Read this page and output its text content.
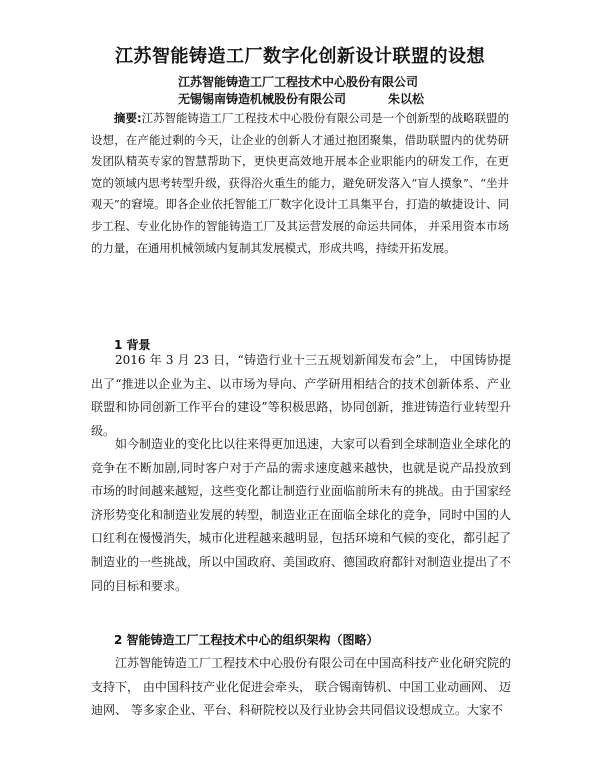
江苏智能铸造工厂数字化创新设计联盟的设想
江苏智能铸造工厂工程技术中心股份有限公司
无锡锡南铸造机械股份有限公司	朱以松
摘要:江苏智能铸造工厂工程技术中心股份有限公司是一个创新型的战略联盟的设想，在产能过剩的今天，让企业的创新人才通过抱团聚集，借助联盟内的优势研发团队精英专家的智慧帮助下，更快更高效地开展本企业职能内的研发工作，在更宽的领域内思考转型升级，获得浴火重生的能力，避免研发落入“盲人摸象”、“坐井观天”的窘境。即各企业依托智能工厂数字化设计工具集平台，打造的敏捷设计、同步工程、专业化协作的智能铸造工厂及其运营发展的命运共同体， 并采用资本市场的力量，在通用机械领域内复制其发展模式，形成共鸣，持续开拓发展。
1 背景
2016 年 3 月 23 日，“铸造行业十三五规划新闻发布会”上， 中国铸协提出了“推进以企业为主、以市场为导向、产学研用相结合的技术创新体系、产业联盟和协同创新工作平台的建设”等积极思路，协同创新，推进铸造行业转型升级。
如今制造业的变化比以往来得更加迅速，大家可以看到全球制造业全球化的竞争在不断加剧,同时客户对于产品的需求速度越来越快，也就是说产品投放到市场的时间越来越短，这些变化都让制造行业面临前所未有的挑战。由于国家经济形势变化和制造业发展的转型，制造业正在面临全球化的竞争，同时中国的人口红利在慢慢消失，城市化进程越来越明显，包括环境和气候的变化，都引起了制造业的一些挑战，所以中国政府、美国政府、德国政府都针对制造业提出了不同的目标和要求。
2 智能铸造工厂工程技术中心的组织架构（图略）
江苏智能铸造工厂工程技术中心股份有限公司在中国高科技产业化研究院的支持下， 由中国科技产业化促进会牵头， 联合锡南铸机、中国工业动画网、 迈迪网、 等多家企业、平台、科研院校以及行业协会共同倡议设想成立。大家不
